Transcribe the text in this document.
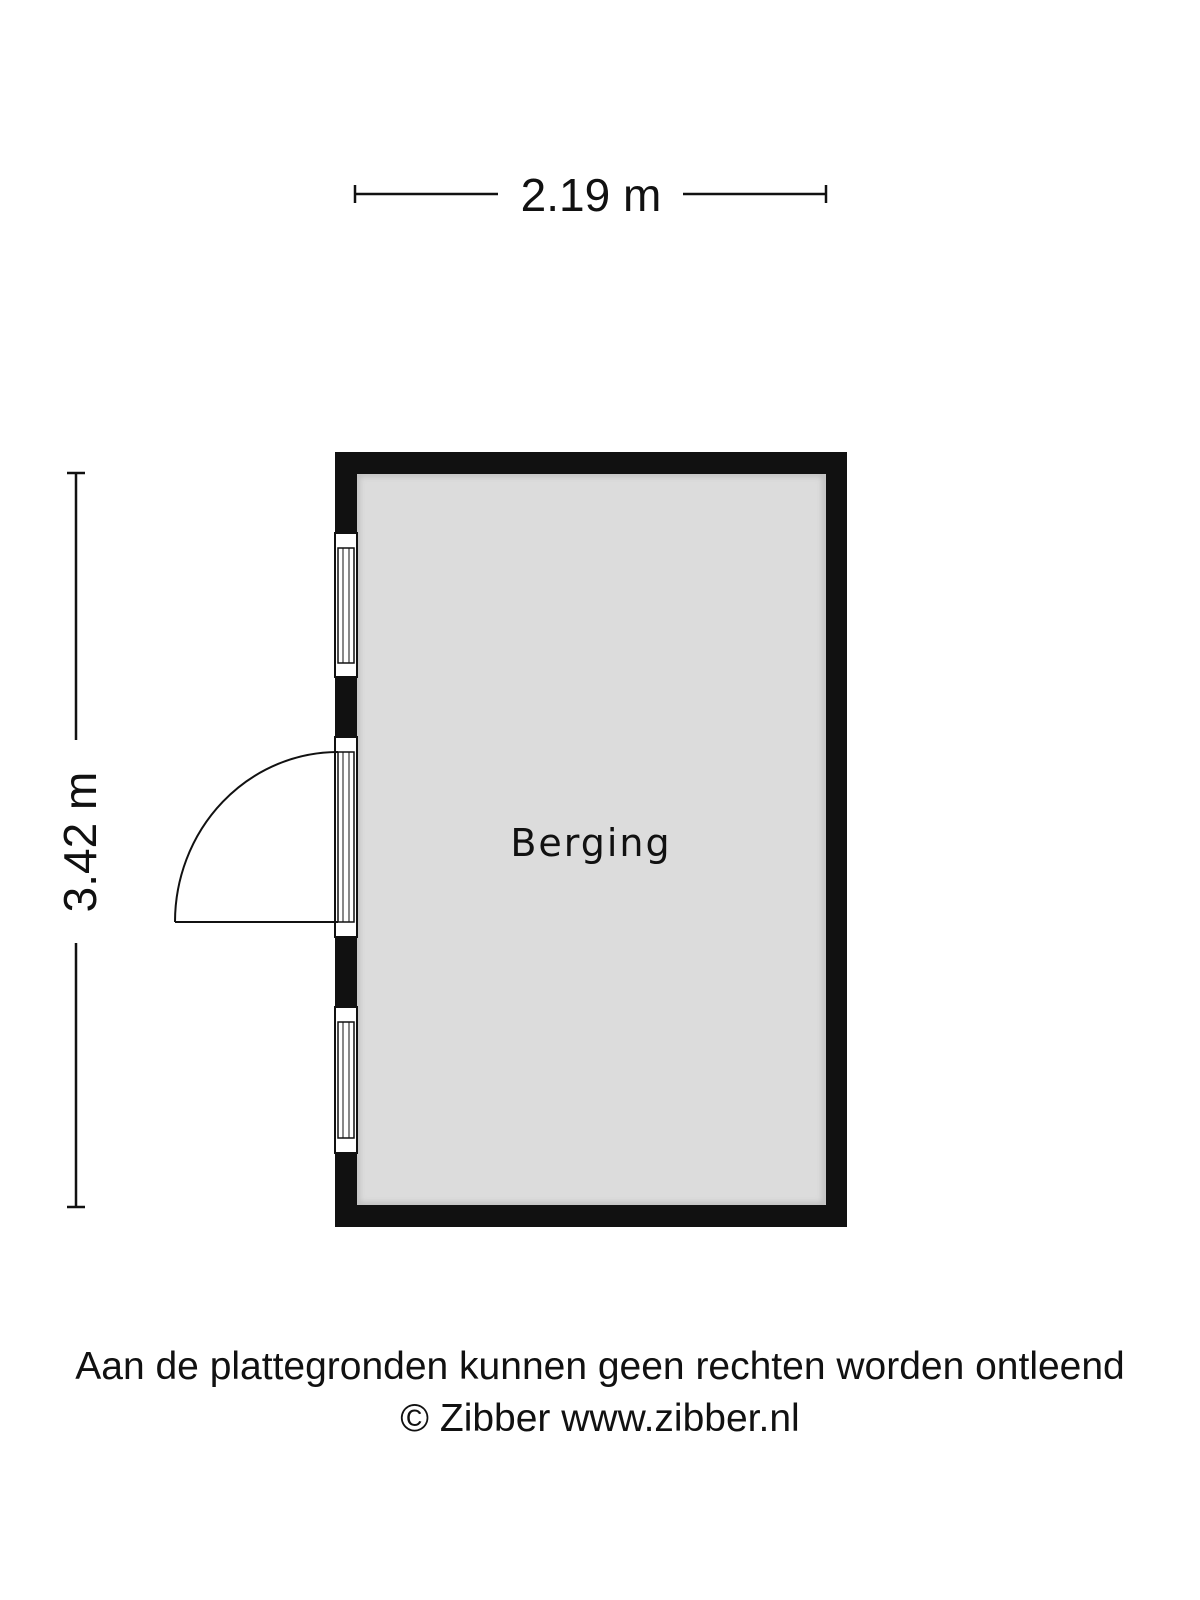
2.19 m
3.42 m	Berging
Aan de plattegronden kunnen geen rechten worden ontleend
© Zibber www.zibber.nl
